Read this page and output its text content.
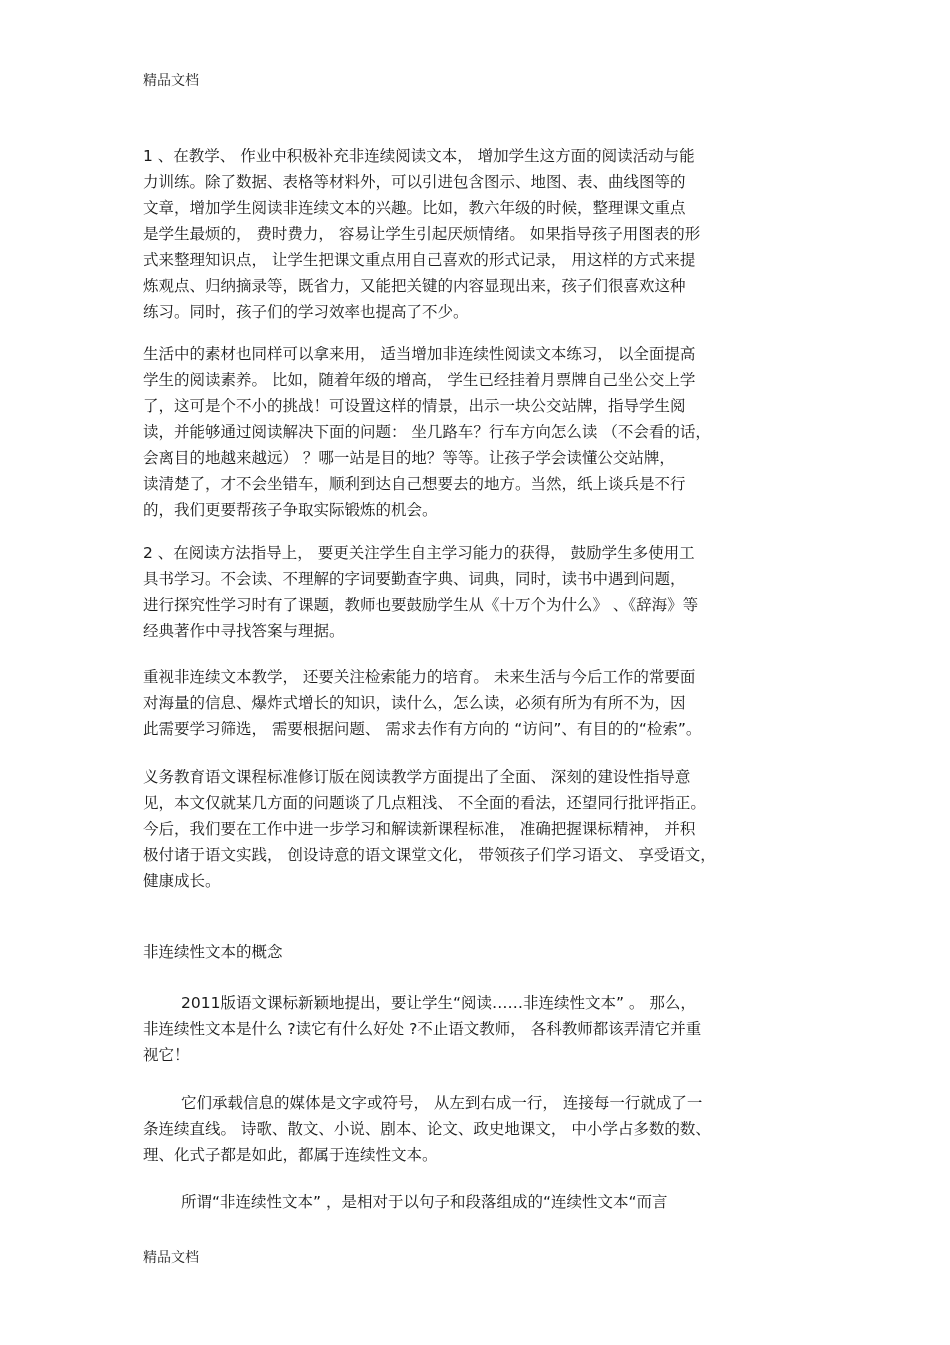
精品文档
1 、在教学、 作业中积极补充非连续阅读文本， 增加学生这方面的阅读活动与能
力训练。除了数据、表格等材料外，可以引进包含图示、地图、表、曲线图等的
文章，增加学生阅读非连续文本的兴趣。比如，教六年级的时候，整理课文重点
是学生最烦的， 费时费力， 容易让学生引起厌烦情绪。 如果指导孩子用图表的形
式来整理知识点， 让学生把课文重点用自己喜欢的形式记录， 用这样的方式来提
炼观点、归纳摘录等，既省力，又能把关键的内容显现出来，孩子们很喜欢这种
练习。同时，孩子们的学习效率也提高了不少。
生活中的素材也同样可以拿来用， 适当增加非连续性阅读文本练习， 以全面提高
学生的阅读素养。 比如，随着年级的增高， 学生已经挂着月票牌自己坐公交上学
了，这可是个不小的挑战！可设置这样的情景，出示一块公交站牌，指导学生阅
读，并能够通过阅读解决下面的问题： 坐几路车？行车方向怎么读 （不会看的话，
会离目的地越来越远） ？哪一站是目的地？等等。让孩子学会读懂公交站牌，
读清楚了，才不会坐错车，顺利到达自己想要去的地方。当然，纸上谈兵是不行
的，我们更要帮孩子争取实际锻炼的机会。
2 、在阅读方法指导上， 要更关注学生自主学习能力的获得， 鼓励学生多使用工
具书学习。不会读、不理解的字词要勤查字典、词典，同时，读书中遇到问题，
进行探究性学习时有了课题，教师也要鼓励学生从《十万个为什么》 、《辞海》等
经典著作中寻找答案与理据。
重视非连续文本教学， 还要关注检索能力的培育。 未来生活与今后工作的常要面
对海量的信息、爆炸式增长的知识，读什么，怎么读，必须有所为有所不为，因
此需要学习筛选， 需要根据问题、 需求去作有方向的 “访问”、有目的的“检索”。
义务教育语文课程标准修订版在阅读教学方面提出了全面、 深刻的建设性指导意
见，本文仅就某几方面的问题谈了几点粗浅、 不全面的看法，还望同行批评指正。
今后，我们要在工作中进一步学习和解读新课程标准， 准确把握课标精神， 并积
极付诸于语文实践， 创设诗意的语文课堂文化， 带领孩子们学习语文、 享受语文，
健康成长。
非连续性文本的概念
2011版语文课标新颖地提出，要让学生“阅读……非连续性文本” 。 那么，
非连续性文本是什么 ?读它有什么好处 ?不止语文教师， 各科教师都该弄清它并重
视它！
它们承载信息的媒体是文字或符号， 从左到右成一行， 连接每一行就成了一
条连续直线。 诗歌、散文、小说、剧本、论文、政史地课文， 中小学占多数的数、
理、化式子都是如此，都属于连续性文本。
所谓“非连续性文本” ，是相对于以句子和段落组成的“连续性文本“而言
精品文档
